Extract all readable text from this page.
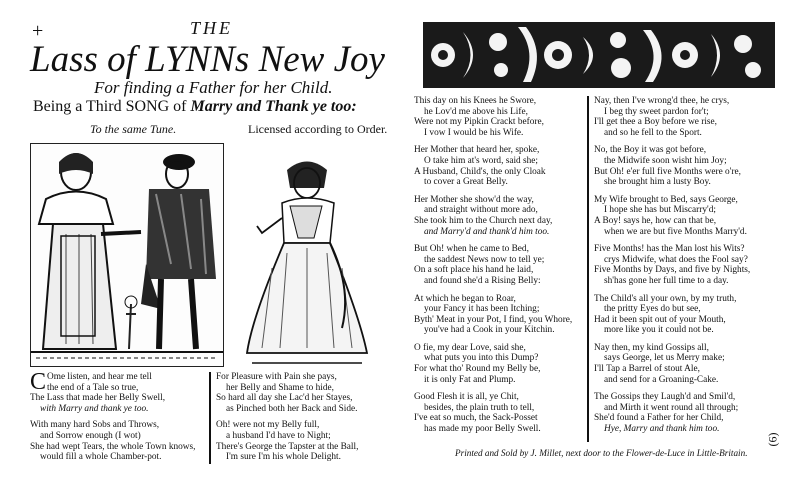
+	THE
Lass of LYNNs New Joy
For finding a Father for her Child.
Being a Third SONG of Marry and Thank ye too:
To the same Tune.	Licensed according to Order.
C Ome listen, and hear me tell
the end of a Tale so true,
The Lass that made her Belly Swell,
with Marry and thank ye too.
With many hard Sobs and Throws,
and Sorrow enough (I wot)
She had wept Tears, the whole Town knows,
would fill a whole Chamber-pot.
For Pleasure with Pain she pays,
her Belly and Shame to hide,
So hard all day she Lac'd her Stayes,
as Pinched both her Back and Side.
Oh! were not my Belly full,
a husband I'd have to Night;
There's George the Tapster at the Ball,
I'm sure I'm his whole Delight.
This day on his Knees he Swore,
he Lov'd me above his Life,
Were not my Pipkin Crackt before,
I vow I would be his Wife.
Her Mother that heard her, spoke,
O take him at's word, said she;
A Husband, Child's, the only Cloak
to cover a Great Belly.
Her Mother she show'd the way,
and straight without more ado,
She took him to the Church next day,
and Marry'd and thank'd him too.
But Oh! when he came to Bed,
the saddest News now to tell ye;
On a soft place his hand he laid,
and found she'd a Rising Belly:
At which he began to Roar,
your Fancy it has been Itching;
Byth' Meat in your Pot, I find, you Whore,
you've had a Cook in your Kitchin.
O fie, my dear Love, said she,
what puts you into this Dump?
For what tho' Round my Belly be,
it is only Fat and Plump.
Good Flesh it is all, ye Chit,
besides, the plain truth to tell,
I've eat so much, the Sack-Posset
has made my poor Belly Swell.
Nay, then I've wrong'd thee, he crys,
I beg thy sweet pardon for't;
I'll get thee a Boy before we rise,
and so he fell to the Sport.
No, the Boy it was got before,
the Midwife soon wisht him Joy;
But Oh! e'er full five Months were o're,
she brought him a lusty Boy.
My Wife brought to Bed, says George,
I hope she has but Miscarry'd;
A Boy! says he, how can that be,
when we are but five Months Marry'd.
Five Months! has the Man lost his Wits?
crys Midwife, what does the Fool say?
Five Months by Days, and five by Nights,
sh'has gone her full time to a day.
The Child's all your own, by my truth,
the pritty Eyes do but see,
Had it been spit out of your Mouth,
more like you it could not be.
Nay then, my kind Gossips all,
says George, let us Merry make;
I'll Tap a Barrel of stout Ale,
and send for a Groaning-Cake.
The Gossips they Laugh'd and Smil'd,
and Mirth it went round all through;
She'd found a Father for her Child,
Hye, Marry and thank him too.
Printed and Sold by J. Millet, next door to the Flower-de-Luce in Little-Britain.
(6)
